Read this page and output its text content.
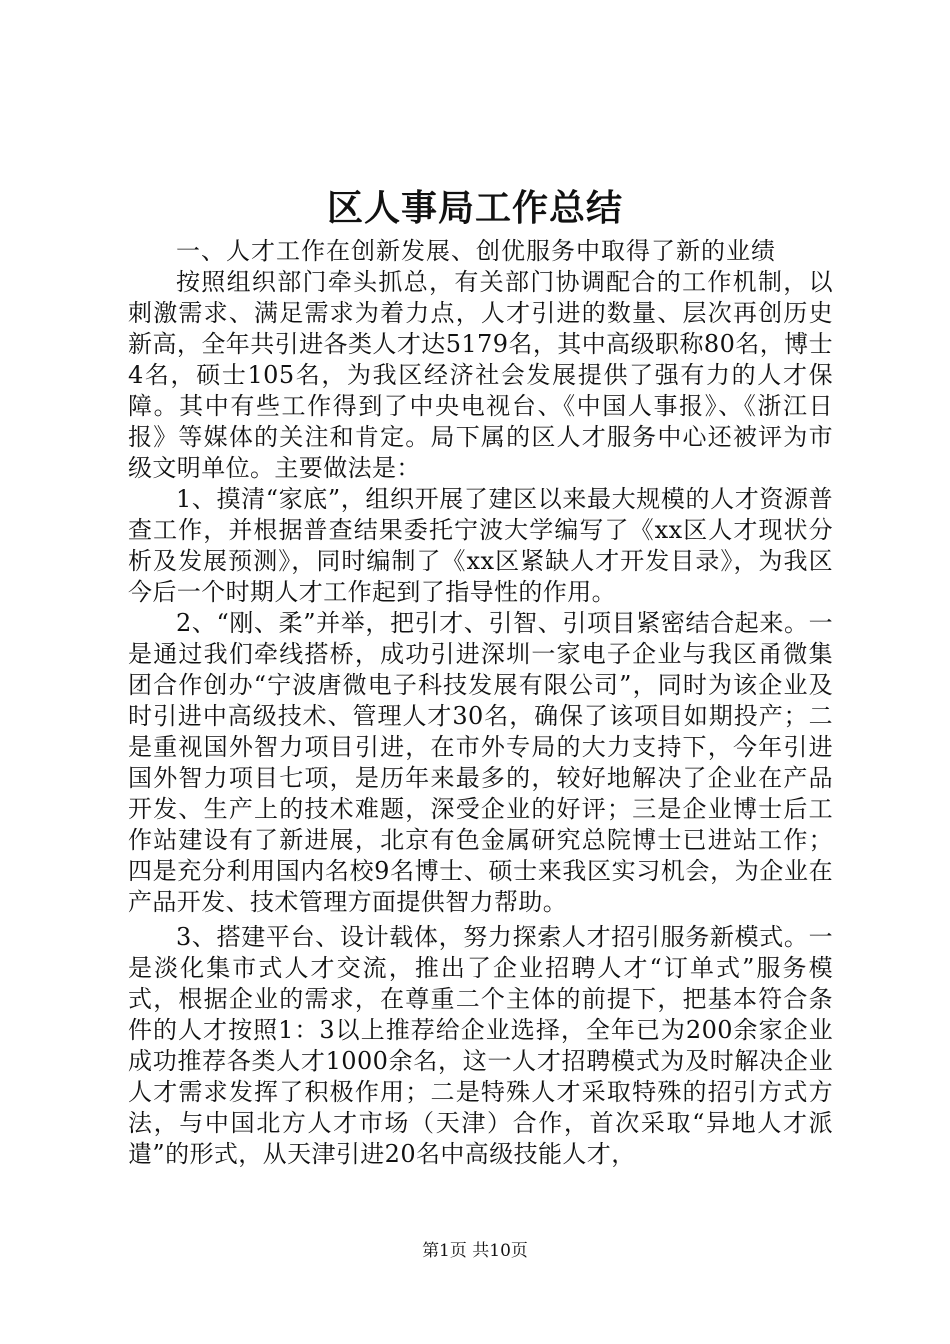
区人事局工作总结

一、人才工作在创新发展、创优服务中取得了新的业绩

按照组织部门牵头抓总，有关部门协调配合的工作机制，以刺激需求、满足需求为着力点，人才引进的数量、层次再创历史新高，全年共引进各类人才达5179名，其中高级职称80名，博士4名，硕士105名，为我区经济社会发展提供了强有力的人才保障。其中有些工作得到了中央电视台、《中国人事报》、《浙江日报》等媒体的关注和肯定。局下属的区人才服务中心还被评为市级文明单位。主要做法是：

1、摸清“家底”，组织开展了建区以来最大规模的人才资源普查工作，并根据普查结果委托宁波大学编写了《xx区人才现状分析及发展预测》，同时编制了《xx区紧缺人才开发目录》，为我区今后一个时期人才工作起到了指导性的作用。

2、“刚、柔”并举，把引才、引智、引项目紧密结合起来。一是通过我们牵线搭桥，成功引进深圳一家电子企业与我区甬微集团合作创办“宁波唐微电子科技发展有限公司”，同时为该企业及时引进中高级技术、管理人才30名，确保了该项目如期投产；二是重视国外智力项目引进，在市外专局的大力支持下，今年引进国外智力项目七项，是历年来最多的，较好地解决了企业在产品开发、生产上的技术难题，深受企业的好评；三是企业博士后工作站建设有了新进展，北京有色金属研究总院博士已进站工作；四是充分利用国内名校9名博士、硕士来我区实习机会，为企业在产品开发、技术管理方面提供智力帮助。

3、搭建平台、设计载体，努力探索人才招引服务新模式。一是淡化集市式人才交流，推出了企业招聘人才“订单式”服务模式，根据企业的需求，在尊重二个主体的前提下，把基本符合条件的人才按照1：3以上推荐给企业选择，全年已为200余家企业成功推荐各类人才1000余名，这一人才招聘模式为及时解决企业人才需求发挥了积极作用；二是特殊人才采取特殊的招引方式方法，与中国北方人才市场（天津）合作，首次采取“异地人才派遣”的形式，从天津引进20名中高级技能人才，

第1页 共10页
